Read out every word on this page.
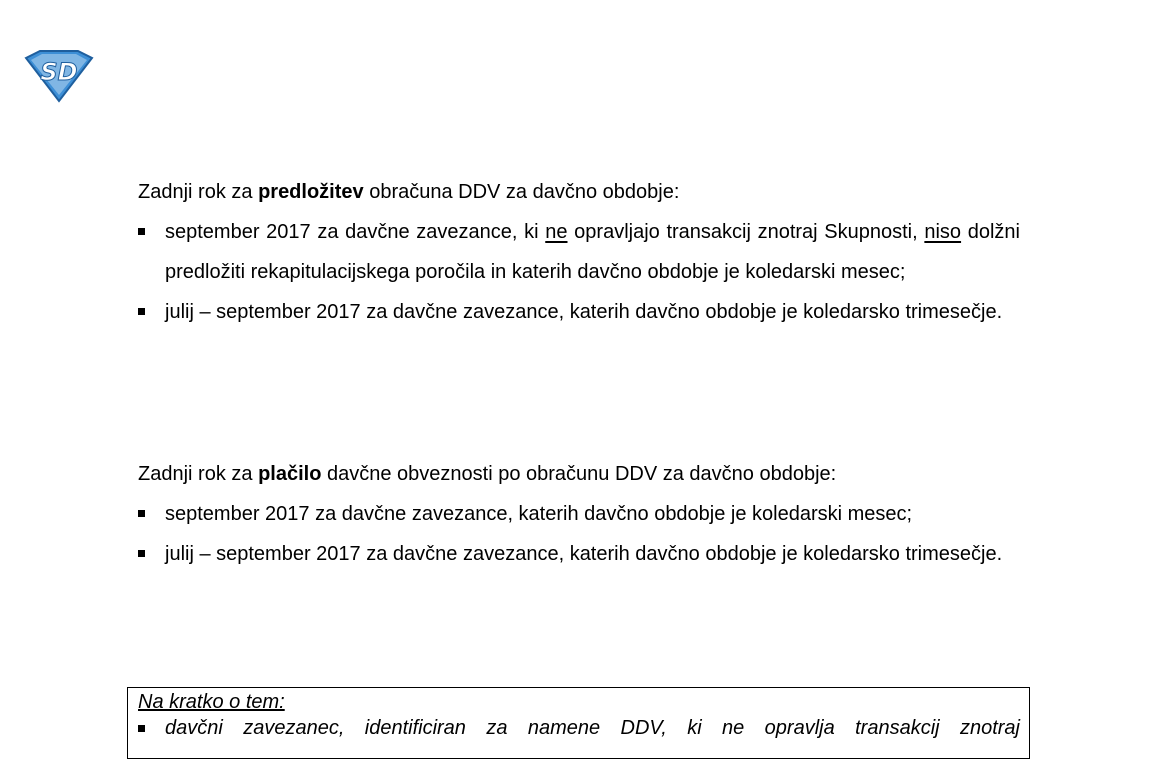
SD
Zadnji rok za predložitev obračuna DDV za davčno obdobje:
september 2017 za davčne zavezance, ki ne opravljajo transakcij znotraj Skupnosti, niso dolžni predložiti rekapitulacijskega poročila in katerih davčno obdobje je koledarski mesec;
julij – september 2017 za davčne zavezance, katerih davčno obdobje je koledarsko trimesečje.
Zadnji rok za plačilo davčne obveznosti po obračunu DDV za davčno obdobje:
september 2017 za davčne zavezance, katerih davčno obdobje je koledarski mesec;
julij – september 2017 za davčne zavezance, katerih davčno obdobje je koledarsko trimesečje.
Na kratko o tem:
davčni zavezanec, identificiran za namene DDV, ki ne opravlja transakcij znotraj
